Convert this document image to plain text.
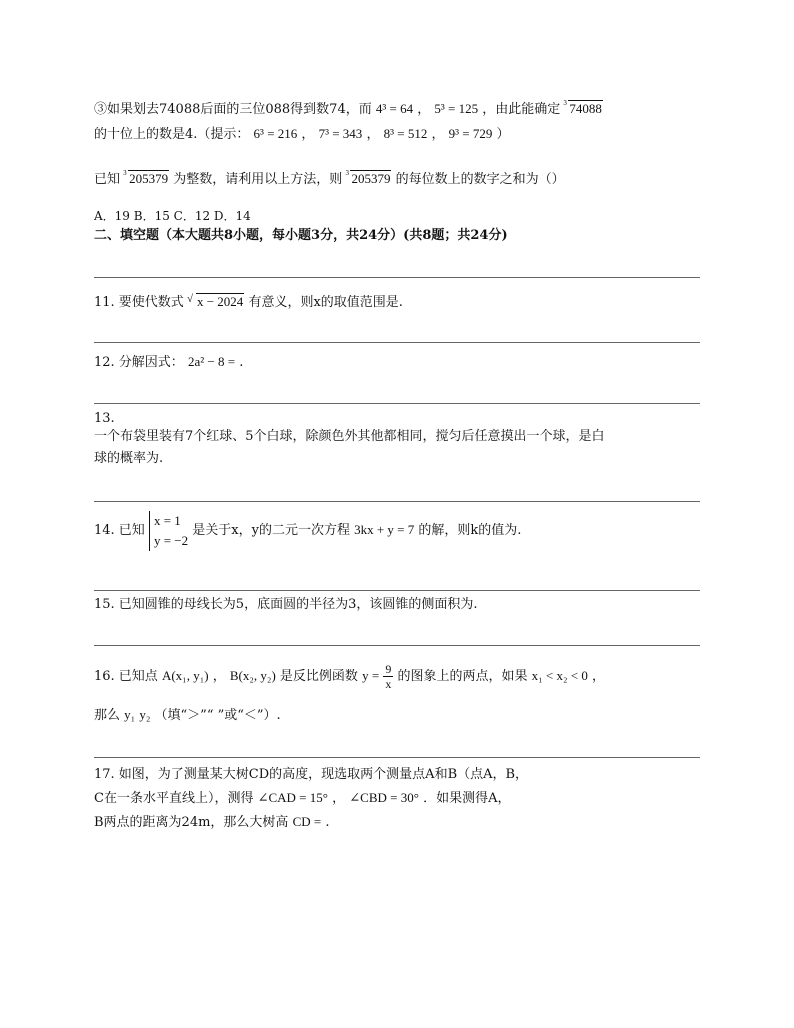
③如果划去74088后面的三位088得到数74，而 4³ = 64 ， 5³ = 125 ，由此能确定 3 74088
的十位上的数是4.（提示： 6³ = 216 ， 7³ = 343 ， 8³ = 512 ， 9³ = 729 ）
已知 3 205379 为整数，请利用以上方法，则 3 205379 的每位数上的数字之和为（）
A．19 B．15 C．12 D．14
二、填空题（本大题共8小题，每小题3分，共24分）(共8题；共24分)
11. 要使代数式 √ x − 2024 有意义，则x的取值范围是.
12. 分解因式： 2a² − 8 = .
13.
一个布袋里装有7个红球、5个白球，除颜色外其他都相同，搅匀后任意摸出一个球，是白
球的概率为.
14. 已知
x = 1
y = −2
是关于x，y的二元一次方程 3kx + y = 7 的解，则k的值为.
15. 已知圆锥的母线长为5，底面圆的半径为3，该圆锥的侧面积为.
16. 已知点 A(x₁, y₁) ， B(x₂, y₂) 是反比例函数 $y = \frac{9}{x}$ 的图象上的两点，如果 x₁ < x₂ < 0 ，
那么 y₁ y₂ （填“＞”“ ”或“＜”）.
17. 如图，为了测量某大树CD的高度，现选取两个测量点A和B（点A，B，
C在一条水平直线上），测得 ∠CAD = 15° ， ∠CBD = 30° ．如果测得A，
B两点的距离为24m，那么大树高 CD = .
